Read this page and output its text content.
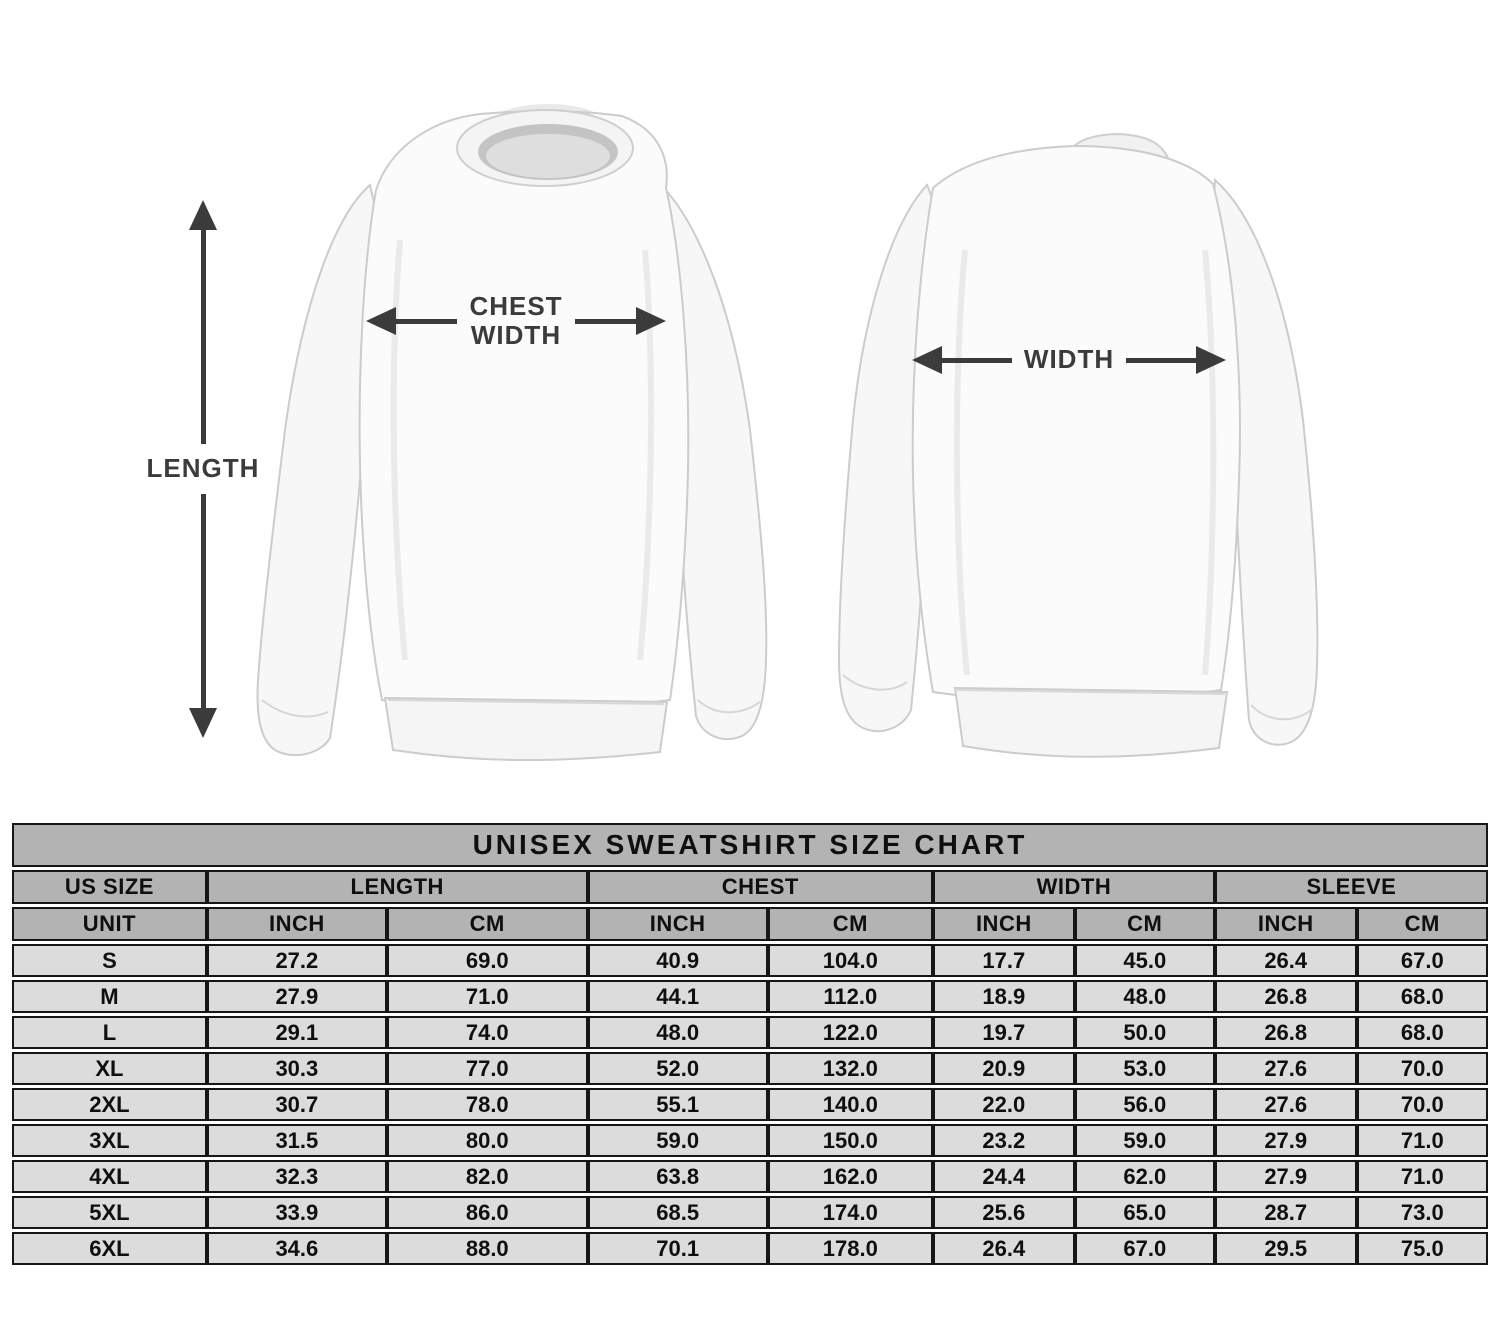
LENGTH
CHEST
WIDTH
WIDTH
UNISEX SWEATSHIRT SIZE CHART								
US SIZE	LENGTH		CHEST		WIDTH		SLEEVE	
UNIT	INCH	CM	INCH	CM	INCH	CM	INCH	CM
S	27.2	69.0	40.9	104.0	17.7	45.0	26.4	67.0
M	27.9	71.0	44.1	112.0	18.9	48.0	26.8	68.0
L	29.1	74.0	48.0	122.0	19.7	50.0	26.8	68.0
XL	30.3	77.0	52.0	132.0	20.9	53.0	27.6	70.0
2XL	30.7	78.0	55.1	140.0	22.0	56.0	27.6	70.0
3XL	31.5	80.0	59.0	150.0	23.2	59.0	27.9	71.0
4XL	32.3	82.0	63.8	162.0	24.4	62.0	27.9	71.0
5XL	33.9	86.0	68.5	174.0	25.6	65.0	28.7	73.0
6XL	34.6	88.0	70.1	178.0	26.4	67.0	29.5	75.0
